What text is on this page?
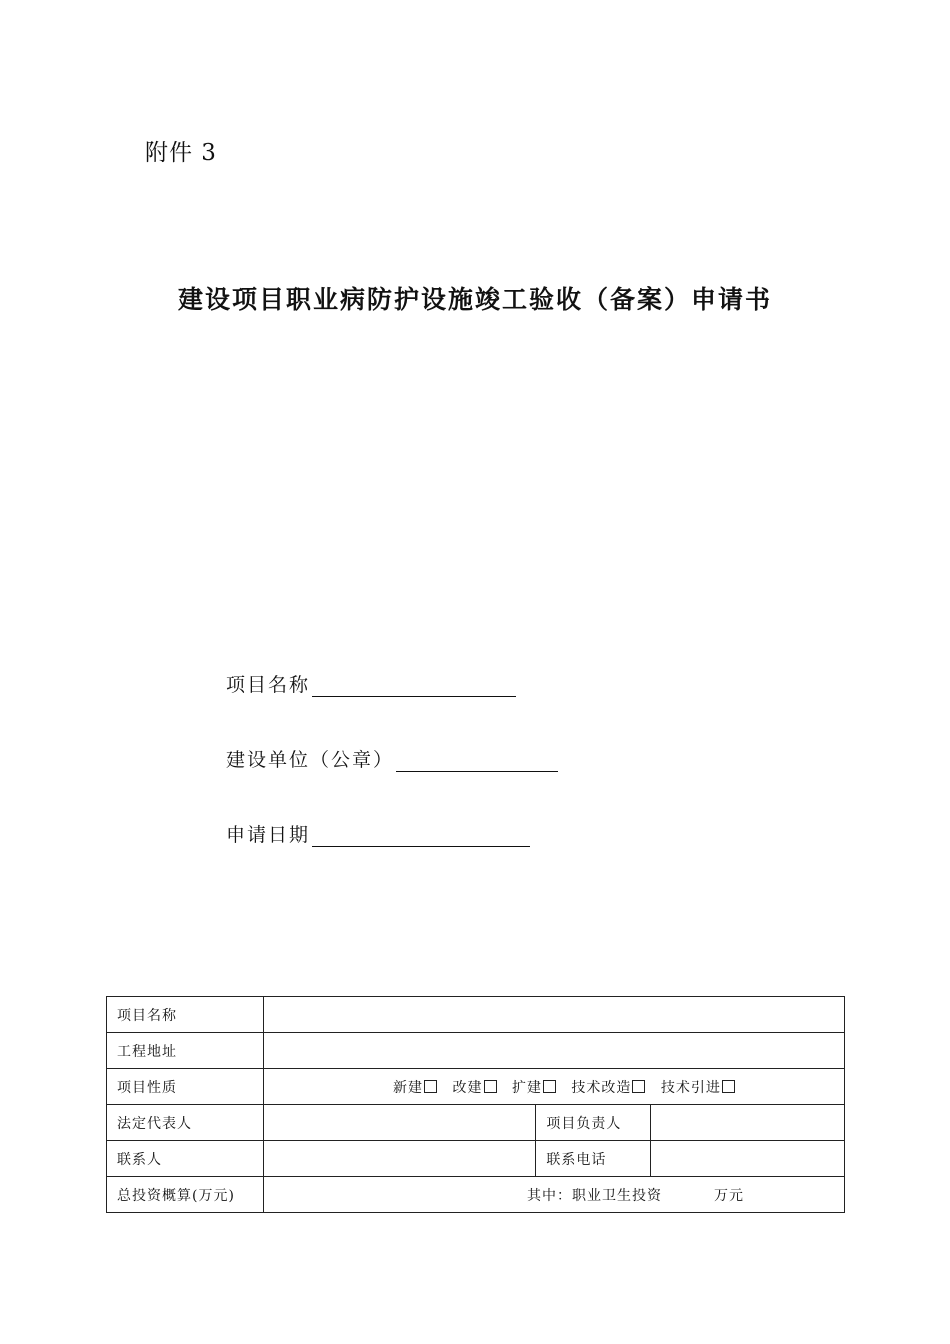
附件 3
建设项目职业病防护设施竣工验收（备案）申请书
项目名称
建设单位（公章）
申请日期
项目名称			
工程地址			
项目性质	新建 改建 扩建 技术改造 技术引进		
法定代表人		项目负责人	
联系人		联系电话	
总投资概算(万元)	其中：职业卫生投资 万元		
